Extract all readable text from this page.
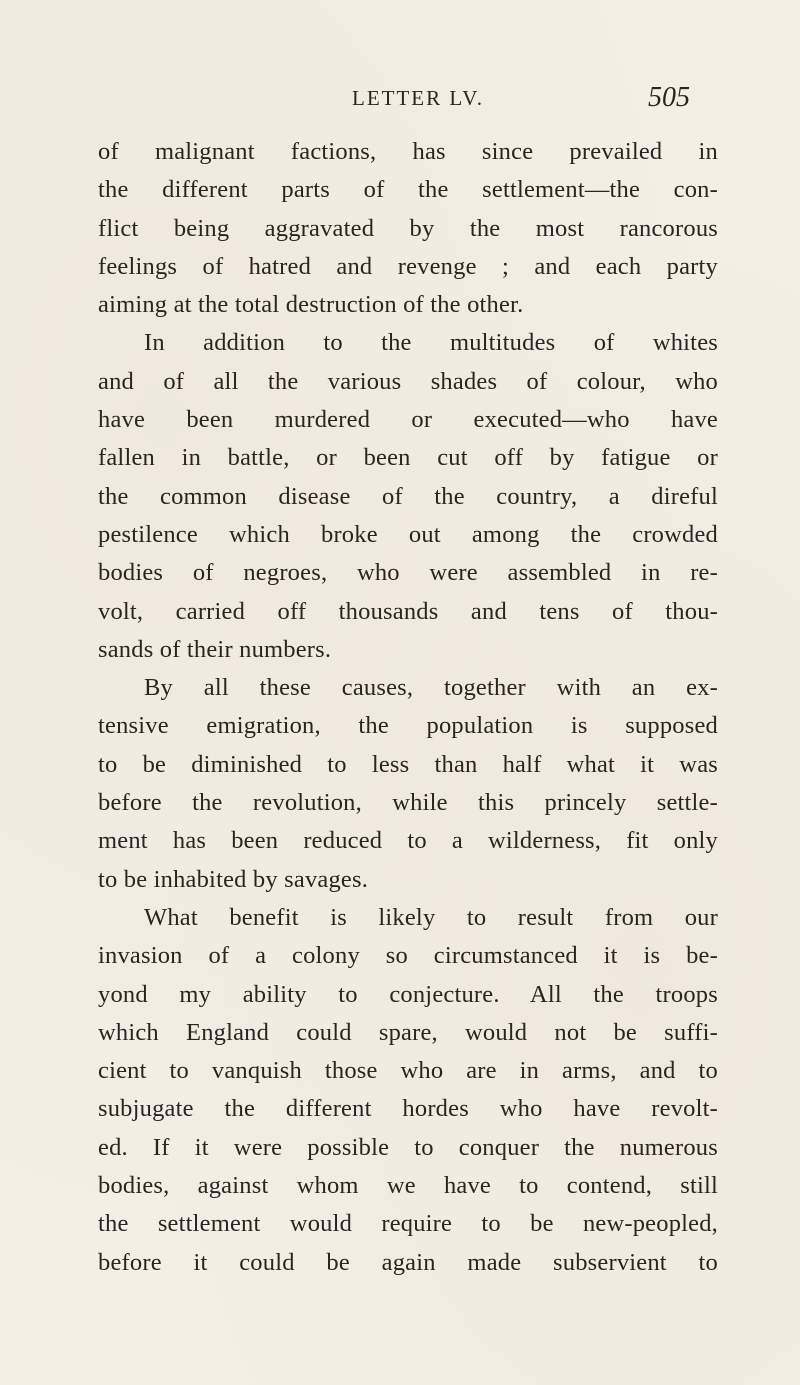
LETTER LV.	505
of malignant factions, has since prevailed in
the different parts of the settlement—the con-
flict being aggravated by the most rancorous
feelings of hatred and revenge ; and each party
aiming at the total destruction of the other.
In addition to the multitudes of whites
and of all the various shades of colour, who
have been murdered or executed—who have
fallen in battle, or been cut off by fatigue or
the common disease of the country, a direful
pestilence which broke out among the crowded
bodies of negroes, who were assembled in re-
volt, carried off thousands and tens of thou-
sands of their numbers.
By all these causes, together with an ex-
tensive emigration, the population is supposed
to be diminished to less than half what it was
before the revolution, while this princely settle-
ment has been reduced to a wilderness, fit only
to be inhabited by savages.
What benefit is likely to result from our
invasion of a colony so circumstanced it is be-
yond my ability to conjecture. All the troops
which England could spare, would not be suffi-
cient to vanquish those who are in arms, and to
subjugate the different hordes who have revolt-
ed. If it were possible to conquer the numerous
bodies, against whom we have to contend, still
the settlement would require to be new-peopled,
before it could be again made subservient to
